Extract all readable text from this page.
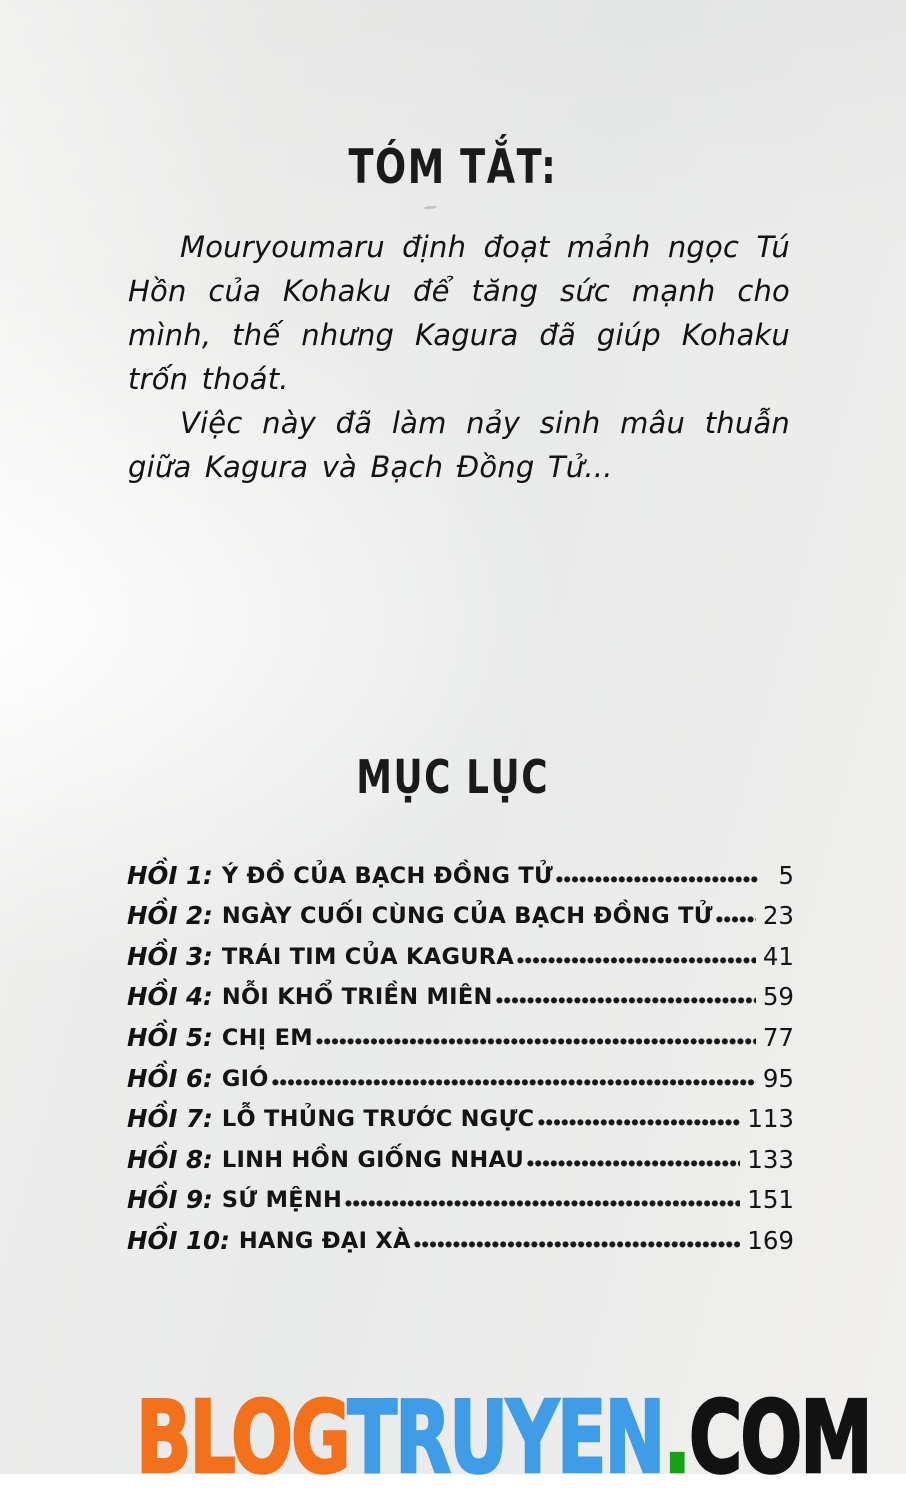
TÓM TẮT:

Mouryoumaru định đoạt mảnh ngọc Tú Hồn của Kohaku để tăng sức mạnh cho mình, thế nhưng Kagura đã giúp Kohaku trốn thoát.

Việc này đã làm nảy sinh mâu thuẫn giữa Kagura và Bạch Đồng Tử...

MỤC LỤC
HỒI 1: Ý ĐỒ CỦA BẠCH ĐỒNG TỬ	5
HỒI 2: NGÀY CUỐI CÙNG CỦA BẠCH ĐỒNG TỬ 23
HỒI 3: TRÁI TIM CỦA KAGURA	41
HỒI 4: NỖI KHỔ TRIỀN MIÊN	59
HỒI 5: CHỊ EM	77
HỒI 6: GIÓ	95
HỒI 7: LỖ THỦNG TRƯỚC NGỰC	113
HỒI 8: LINH HỒN GIỐNG NHAU	133
HỒI 9: SỨ MỆNH	151
HỒI 10: HANG ĐẠI XÀ	169
BLOGTRUYEN.COM
